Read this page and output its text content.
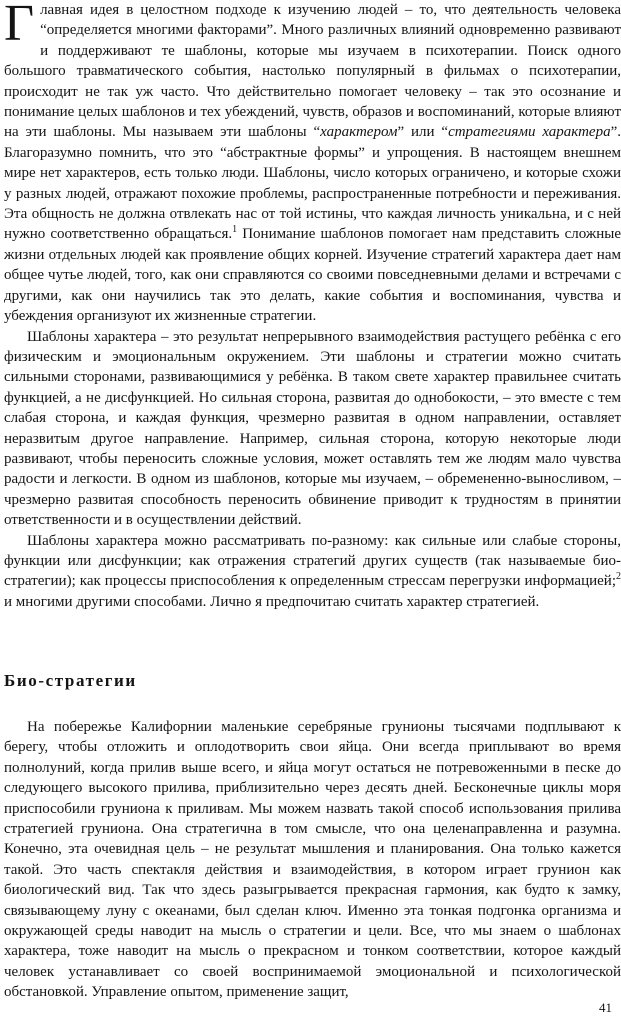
Г лавная идея в целостном подходе к изучению людей – то, что деятельность человека “определяется многими факторами”. Много различных влияний одновременно развивают и поддерживают те шаблоны, которые мы изучаем в психотерапии. Поиск одного большого травматического события, настолько популярный в фильмах о психотерапии, происходит не так уж часто. Что действительно помогает человеку – так это осознание и понимание целых шаблонов и тех убеждений, чувств, образов и воспоминаний, которые влияют на эти шаблоны. Мы называем эти шаблоны “характером” или “стратегиями характера”. Благоразумно помнить, что это “абстрактные формы” и упрощения. В настоящем внешнем мире нет характеров, есть только люди. Шаблоны, число которых ограничено, и которые схожи у разных людей, отражают похожие проблемы, распространенные потребности и переживания. Эта общность не должна отвлекать нас от той истины, что каждая личность уникальна, и с ней нужно соответственно обращаться.$^1$ Понимание шаблонов помогает нам представить сложные жизни отдельных людей как проявление общих корней. Изучение стратегий характера дает нам общее чутье людей, того, как они справляются со своими повседневными делами и встречами с другими, как они научились так это делать, какие события и воспоминания, чувства и убеждения организуют их жизненные стратегии.

Шаблоны характера – это результат непрерывного взаимодействия растущего ребёнка с его физическим и эмоциональным окружением. Эти шаблоны и стратегии можно считать сильными сторонами, развивающимися у ребёнка. В таком свете характер правильнее считать функцией, а не дисфункцией. Но сильная сторона, развитая до однобокости, – это вместе с тем слабая сторона, и каждая функция, чрезмерно развитая в одном направлении, оставляет неразвитым другое направление. Например, сильная сторона, которую некоторые люди развивают, чтобы переносить сложные условия, может оставлять тем же людям мало чувства радости и легкости. В одном из шаблонов, которые мы изучаем, – обремененно-выносливом, – чрезмерно развитая способность переносить обвинение приводит к трудностям в принятии ответственности и в осуществлении действий.

Шаблоны характера можно рассматривать по-разному: как сильные или слабые стороны, функции или дисфункции; как отражения стратегий других существ (так называемые био-стратегии); как процессы приспособления к определенным стрессам перегрузки информацией;$^2$ и многими другими способами. Лично я предпочитаю считать характер стратегией.

Био-стратегии

На побережье Калифорнии маленькие серебряные грунионы тысячами подплывают к берегу, чтобы отложить и оплодотворить свои яйца. Они всегда приплывают во время полнолуний, когда прилив выше всего, и яйца могут остаться не потревоженными в песке до следующего высокого прилива, приблизительно через десять дней. Бесконечные циклы моря приспособили груниона к приливам. Мы можем назвать такой способ использования прилива стратегией груниона. Она стратегична в том смысле, что она целенаправленна и разумна. Конечно, эта очевидная цель – не результат мышления и планирования. Она только кажется такой. Это часть спектакля действия и взаимодействия, в котором играет грунион как биологический вид. Так что здесь разыгрывается прекрасная гармония, как будто к замку, связывающему луну с океанами, был сделан ключ. Именно эта тонкая подгонка организма и окружающей среды наводит на мысль о стратегии и цели. Все, что мы знаем о шаблонах характера, тоже наводит на мысль о прекрасном и тонком соответствии, которое каждый человек устанавливает со своей воспринимаемой эмоциональной и психологической обстановкой. Управление опытом, применение защит,

41
